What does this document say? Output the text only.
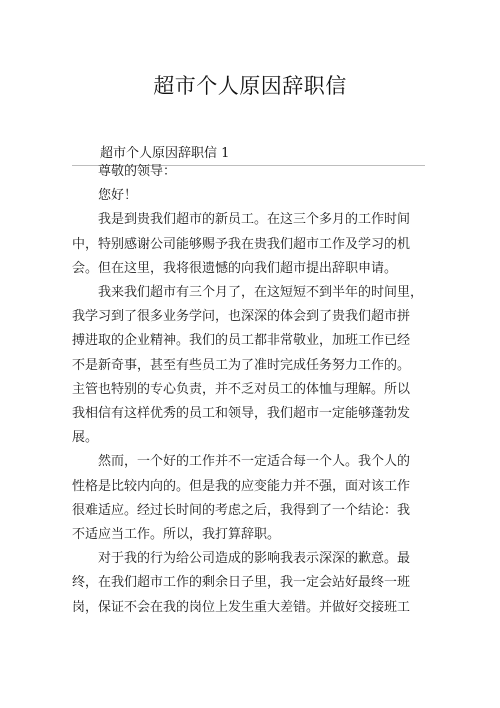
超市个人原因辞职信
超市个人原因辞职信 1

尊敬的领导：

您好！

我是到贵我们超市的新员工。在这三个多月的工作时间
中，特别感谢公司能够赐予我在贵我们超市工作及学习的机
会。但在这里，我将很遗憾的向我们超市提出辞职申请。

我来我们超市有三个月了，在这短短不到半年的时间里，
我学习到了很多业务学问，也深深的体会到了贵我们超市拼
搏进取的企业精神。我们的员工都非常敬业，加班工作已经
不是新奇事，甚至有些员工为了准时完成任务努力工作的。
主管也特别的专心负责，并不乏对员工的体恤与理解。所以
我相信有这样优秀的员工和领导，我们超市一定能够蓬勃发
展。

然而，一个好的工作并不一定适合每一个人。我个人的
性格是比较内向的。但是我的应变能力并不强，面对该工作
很难适应。经过长时间的考虑之后，我得到了一个结论：我
不适应当工作。所以，我打算辞职。

对于我的行为给公司造成的影响我表示深深的歉意。最
终，在我们超市工作的剩余日子里，我一定会站好最终一班
岗，保证不会在我的岗位上发生重大差错。并做好交接班工
